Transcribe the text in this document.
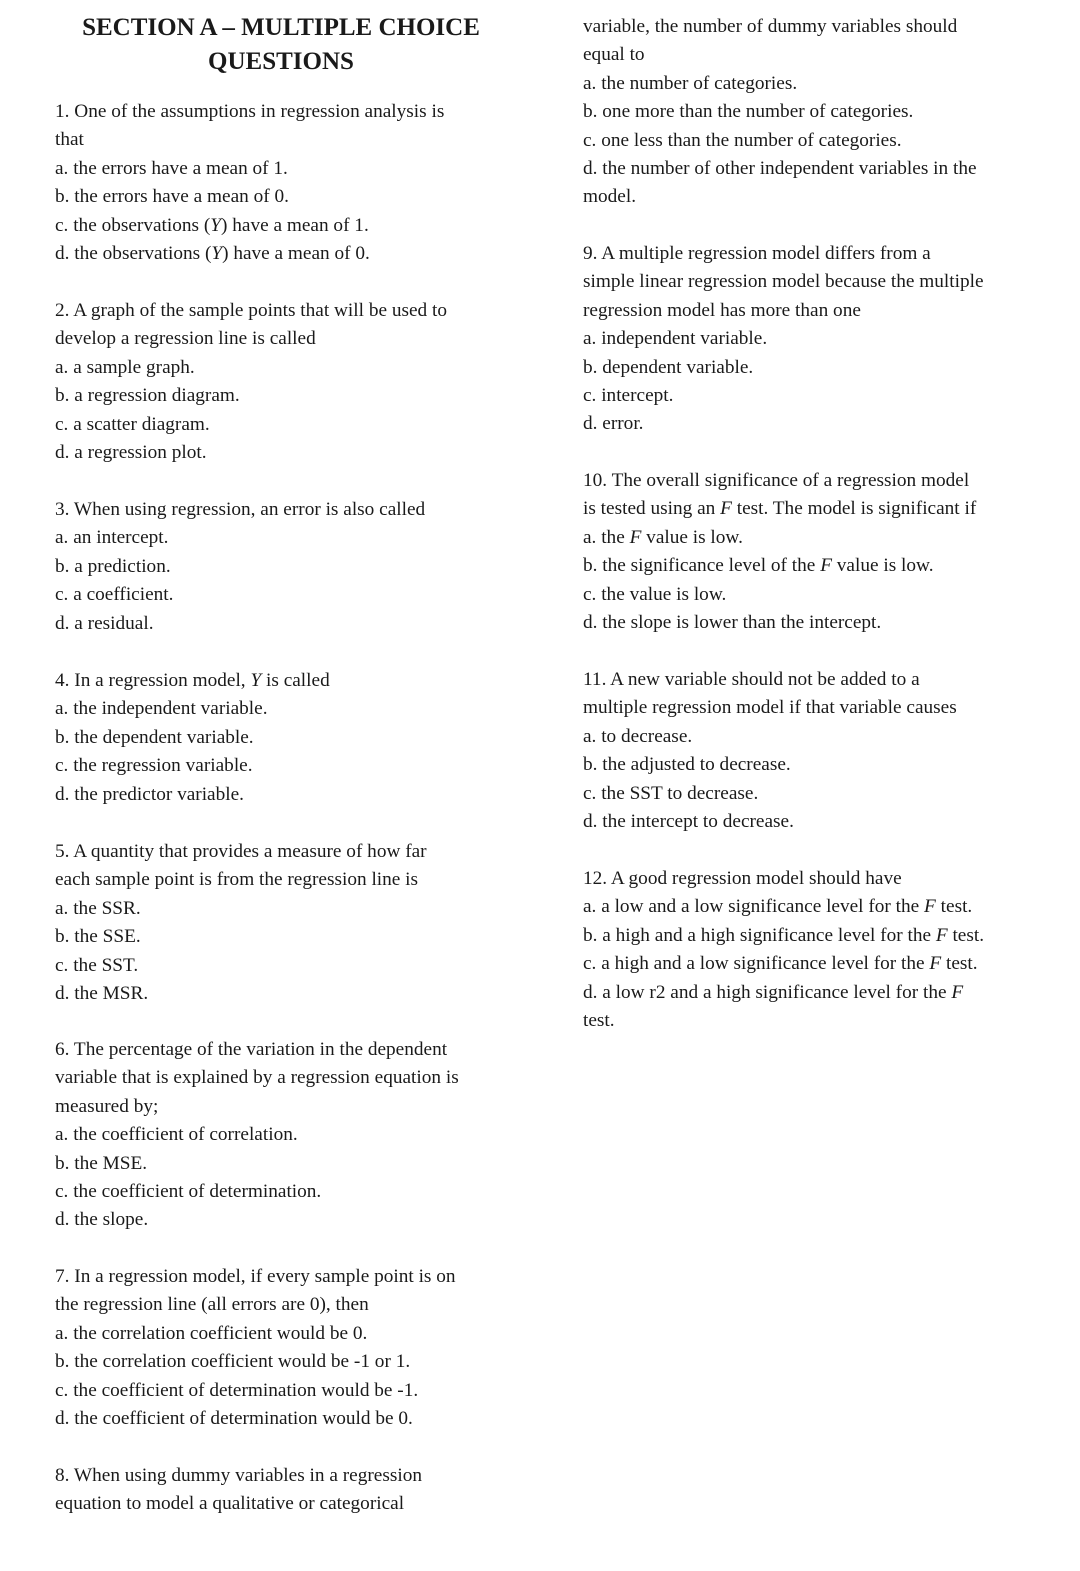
SECTION A – MULTIPLE CHOICE
QUESTIONS
1. One of the assumptions in regression analysis is
that
a. the errors have a mean of 1.
b. the errors have a mean of 0.
c. the observations (Y) have a mean of 1.
d. the observations (Y) have a mean of 0.
2. A graph of the sample points that will be used to
develop a regression line is called
a. a sample graph.
b. a regression diagram.
c. a scatter diagram.
d. a regression plot.
3. When using regression, an error is also called
a. an intercept.
b. a prediction.
c. a coefficient.
d. a residual.
4. In a regression model, Y is called
a. the independent variable.
b. the dependent variable.
c. the regression variable.
d. the predictor variable.
5. A quantity that provides a measure of how far
each sample point is from the regression line is
a. the SSR.
b. the SSE.
c. the SST.
d. the MSR.
6. The percentage of the variation in the dependent
variable that is explained by a regression equation is
measured by;
a. the coefficient of correlation.
b. the MSE.
c. the coefficient of determination.
d. the slope.
7. In a regression model, if every sample point is on
the regression line (all errors are 0), then
a. the correlation coefficient would be 0.
b. the correlation coefficient would be -1 or 1.
c. the coefficient of determination would be -1.
d. the coefficient of determination would be 0.
8. When using dummy variables in a regression
equation to model a qualitative or categorical
variable, the number of dummy variables should
equal to
a. the number of categories.
b. one more than the number of categories.
c. one less than the number of categories.
d. the number of other independent variables in the
model.
9. A multiple regression model differs from a
simple linear regression model because the multiple
regression model has more than one
a. independent variable.
b. dependent variable.
c. intercept.
d. error.
10. The overall significance of a regression model
is tested using an F test. The model is significant if
a. the F value is low.
b. the significance level of the F value is low.
c. the value is low.
d. the slope is lower than the intercept.
11. A new variable should not be added to a
multiple regression model if that variable causes
a. to decrease.
b. the adjusted to decrease.
c. the SST to decrease.
d. the intercept to decrease.
12. A good regression model should have
a. a low and a low significance level for the F test.
b. a high and a high significance level for the F test.
c. a high and a low significance level for the F test.
d. a low r2 and a high significance level for the F
test.
